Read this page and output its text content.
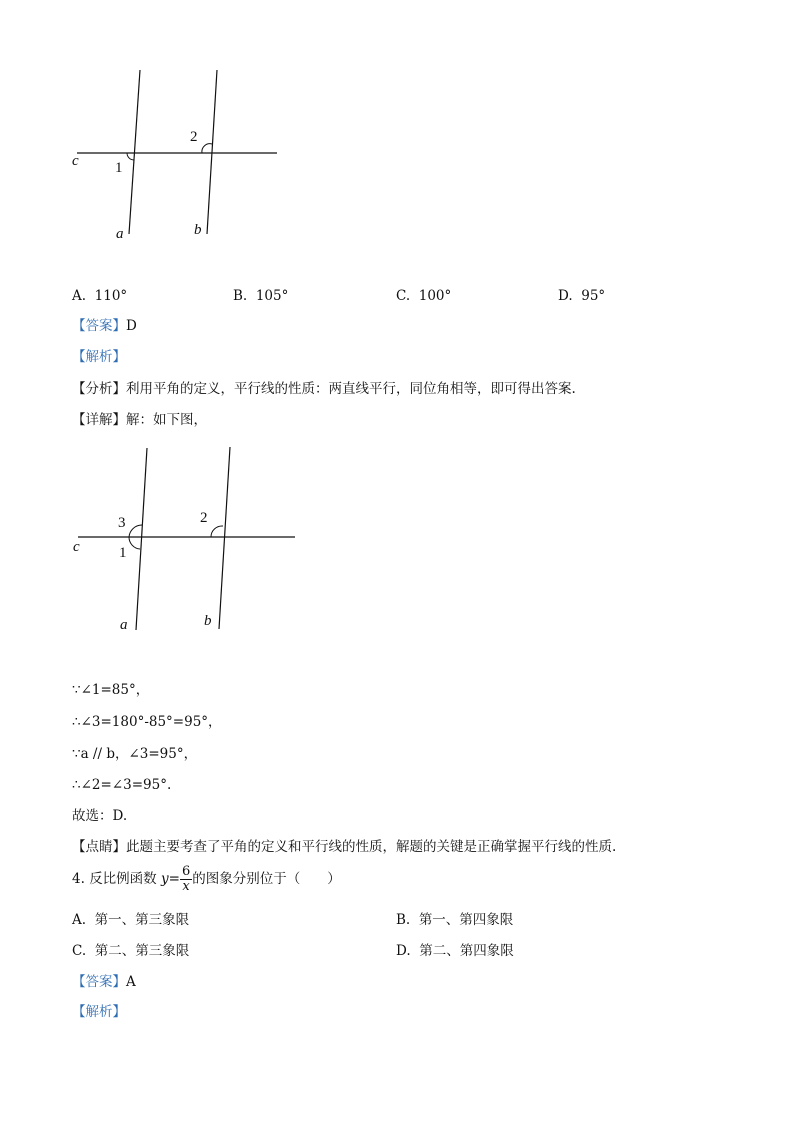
c 1
2
a	b
A. 110°	B. 105°	C. 100°	D. 95°
【答案】D
【解析】
【分析】利用平角的定义，平行线的性质：两直线平行，同位角相等，即可得出答案.
【详解】解：如下图，
c
3
1
2
a	b
∵∠1=85°，
∴∠3=180°-85°=95°，
∵a // b，∠3=95°，
∴∠2=∠3=95°.
故选：D.
【点睛】此题主要考查了平角的定义和平行线的性质，解题的关键是正确掌握平行线的性质.
4. 反比例函数 $y= \frac{6}{x}$ 的图象分别位于（　　）
A. 第一、第三象限	B. 第一、第四象限
C. 第二、第三象限	D. 第二、第四象限
【答案】A
【解析】
